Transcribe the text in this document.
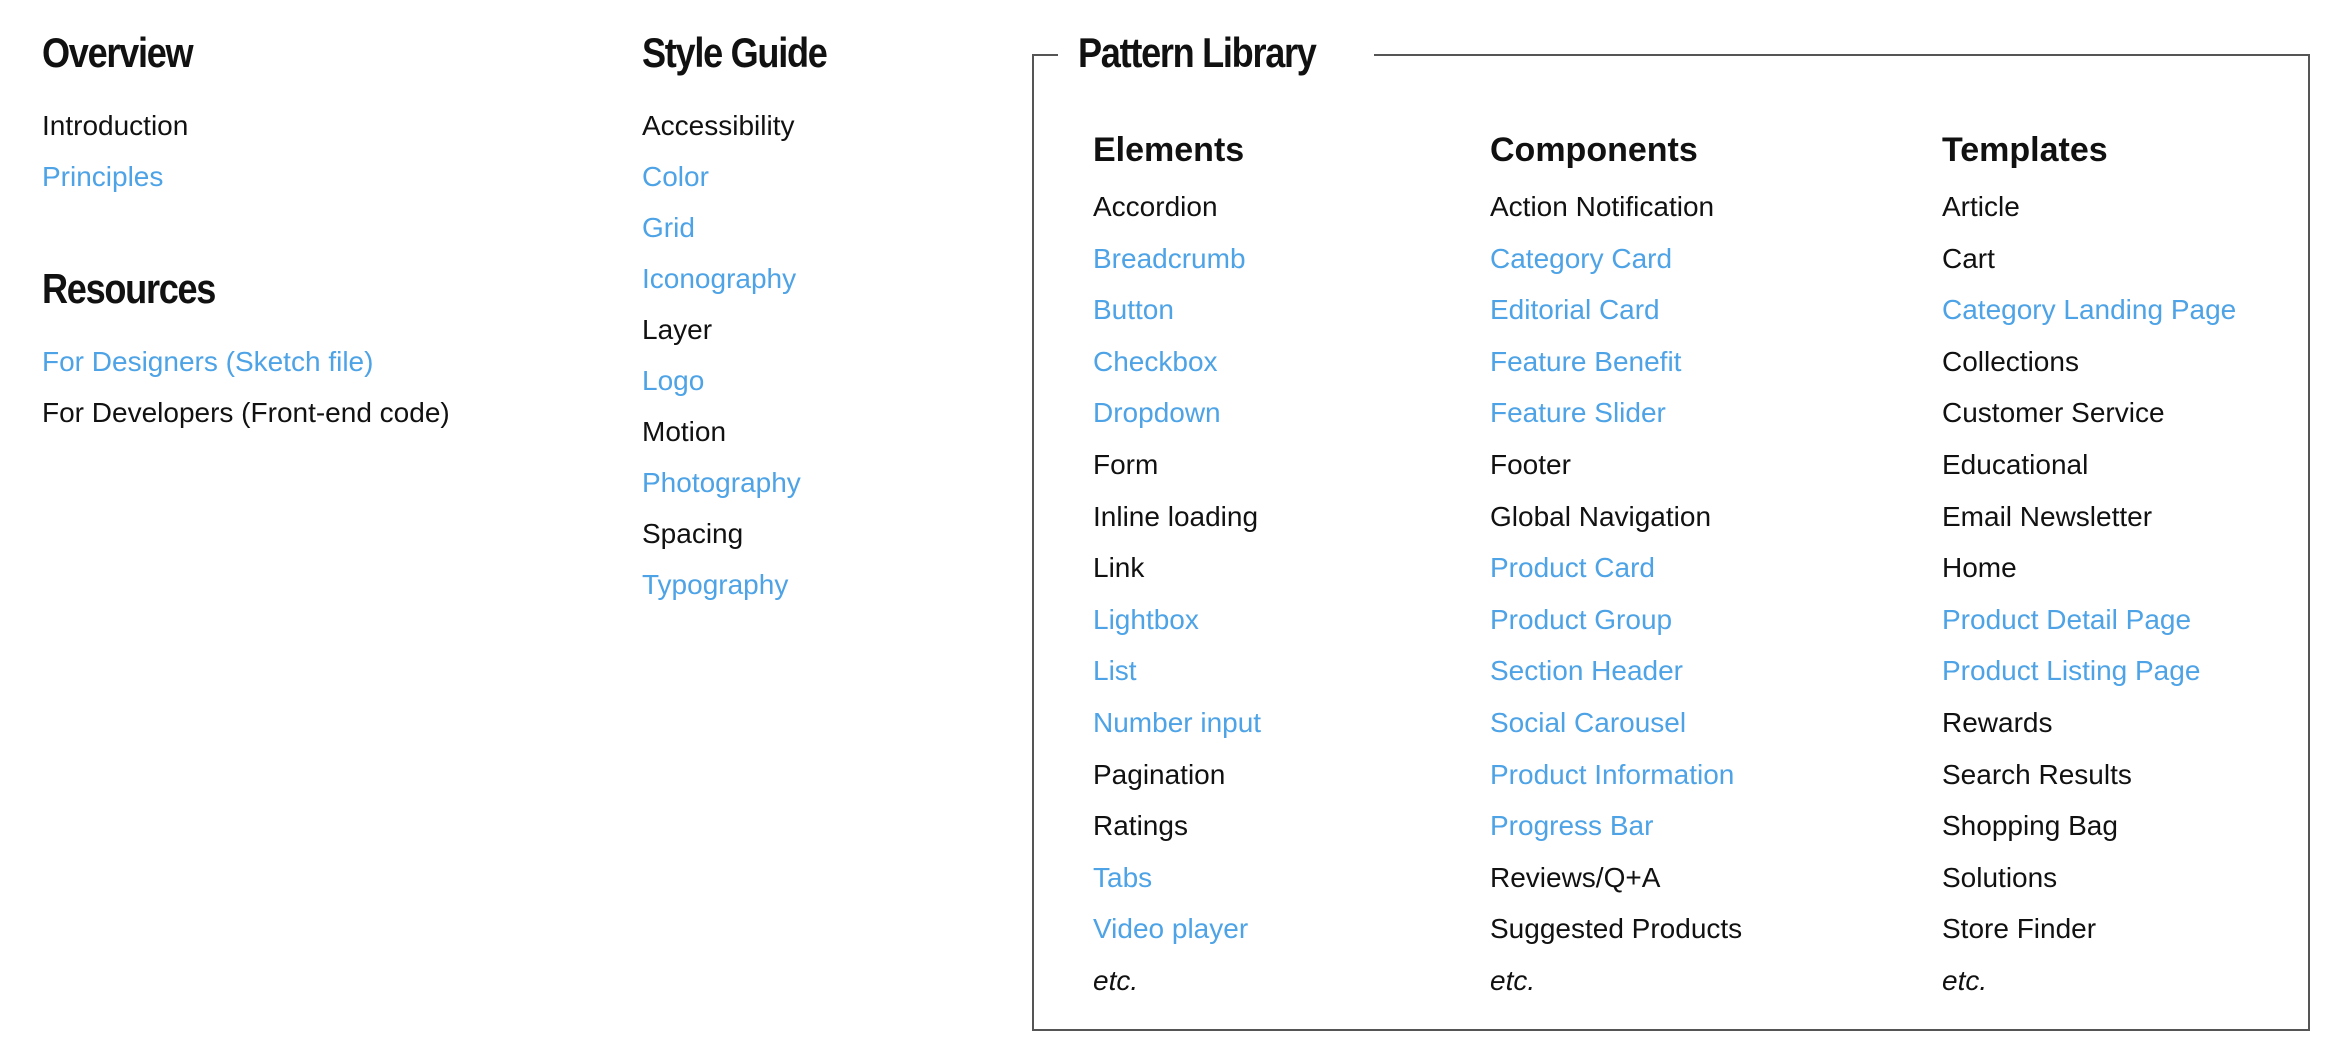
Overview
Introduction
Principles
Resources
For Designers (Sketch file)
For Developers (Front-end code)
Style Guide
Accessibility
Color
Grid
Iconography
Layer
Logo
Motion
Photography
Spacing
Typography
Pattern Library
Elements
Accordion
Breadcrumb
Button
Checkbox
Dropdown
Form
Inline loading
Link
Lightbox
List
Number input
Pagination
Ratings
Tabs
Video player
etc.
Components
Action Notification
Category Card
Editorial Card
Feature Benefit
Feature Slider
Footer
Global Navigation
Product Card
Product Group
Section Header
Social Carousel
Product Information
Progress Bar
Reviews/Q+A
Suggested Products
etc.
Templates
Article
Cart
Category Landing Page
Collections
Customer Service
Educational
Email Newsletter
Home
Product Detail Page
Product Listing Page
Rewards
Search Results
Shopping Bag
Solutions
Store Finder
etc.
